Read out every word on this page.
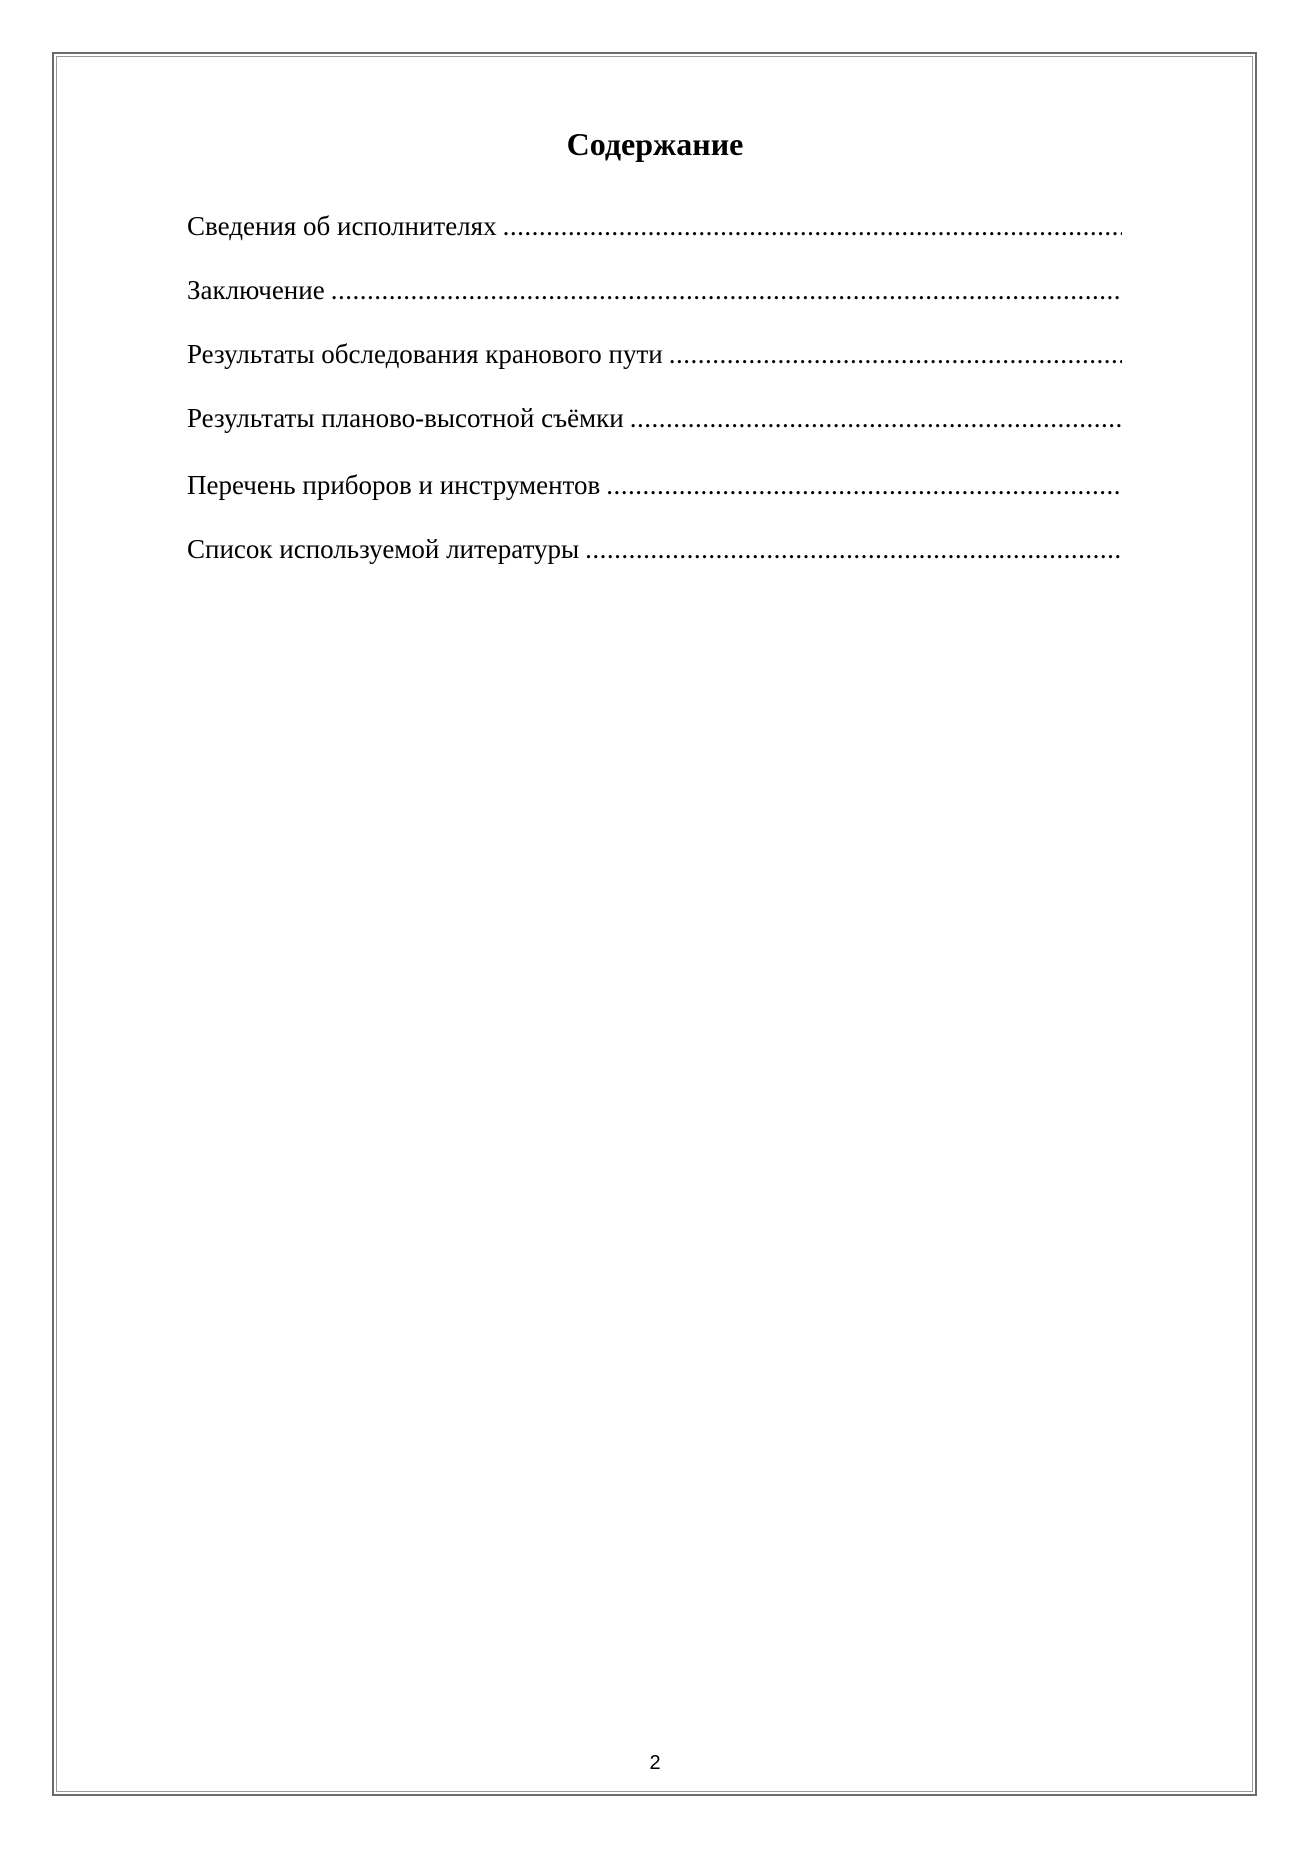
Содержание
Сведения об исполнителях
.....
Заключение
.....
Результаты обследования кранового пути
.....
Результаты планово-высотной съёмки
.....
Перечень приборов и инструментов
.....
Список используемой литературы
.....
2
